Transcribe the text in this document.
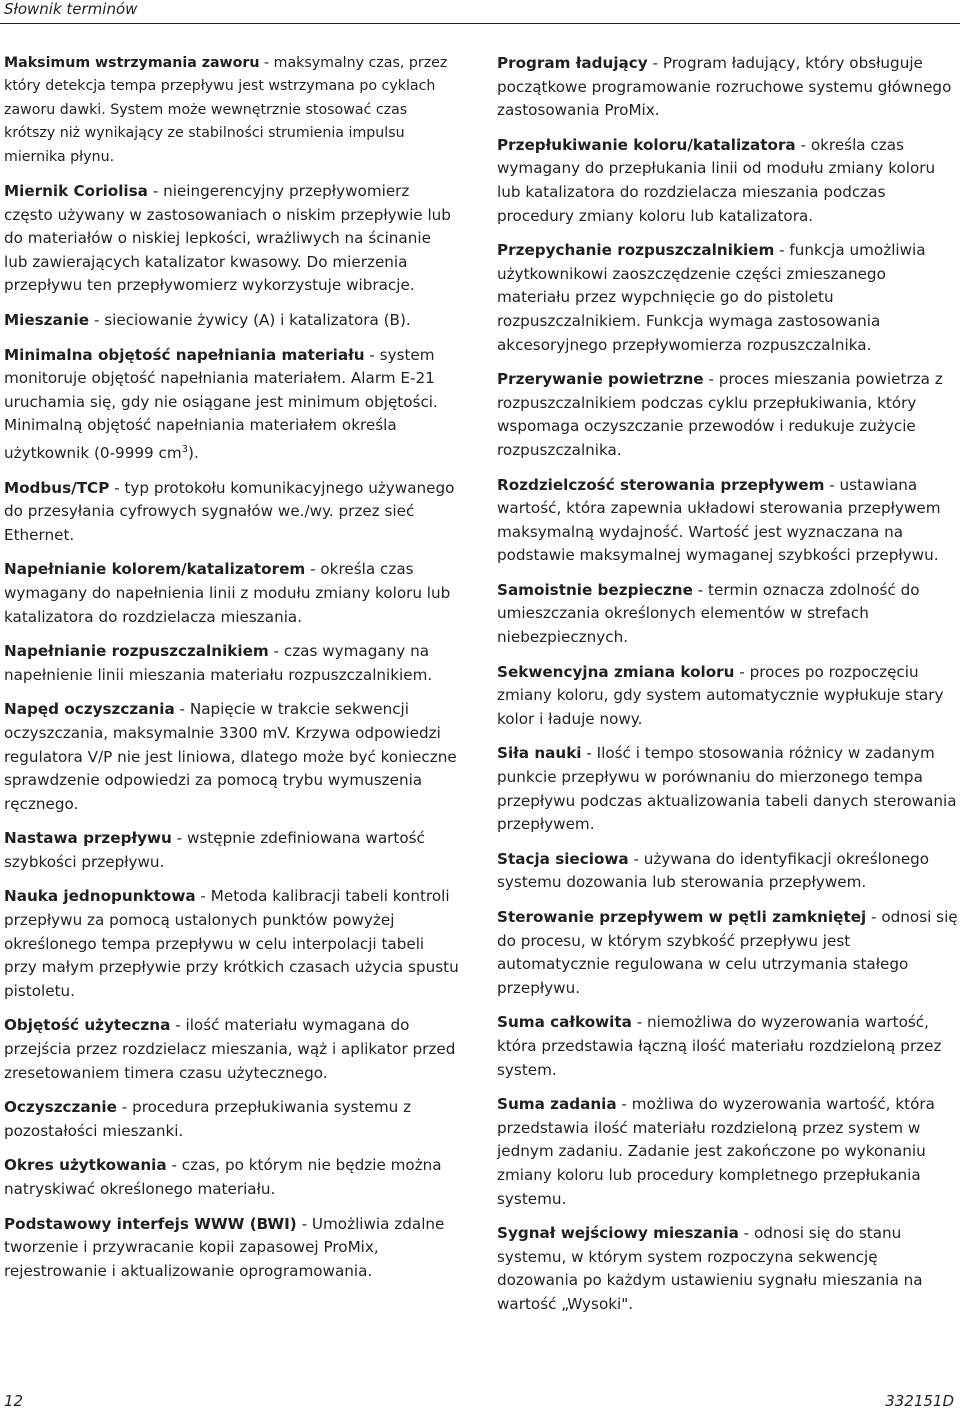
Słownik terminów

Maksimum wstrzymania zaworu - maksymalny czas, przez który detekcja tempa przepływu jest wstrzymana po cyklach zaworu dawki. System może wewnętrznie stosować czas krótszy niż wynikający ze stabilności strumienia impulsu miernika płynu.

Miernik Coriolisa - nieingerencyjny przepływomierz często używany w zastosowaniach o niskim przepływie lub do materiałów o niskiej lepkości, wrażliwych na ścinanie lub zawierających katalizator kwasowy. Do mierzenia przepływu ten przepływomierz wykorzystuje wibracje.

Mieszanie - sieciowanie żywicy (A) i katalizatora (B).

Minimalna objętość napełniania materiału - system monitoruje objętość napełniania materiałem. Alarm E-21 uruchamia się, gdy nie osiągane jest minimum objętości. Minimalną objętość napełniania materiałem określa użytkownik (0-9999 $cm^3$).

Modbus/TCP - typ protokołu komunikacyjnego używanego do przesyłania cyfrowych sygnałów we./wy. przez sieć Ethernet.

Napełnianie kolorem/katalizatorem - określa czas wymagany do napełnienia linii z modułu zmiany koloru lub katalizatora do rozdzielacza mieszania.

Napełnianie rozpuszczalnikiem - czas wymagany na napełnienie linii mieszania materiału rozpuszczalnikiem.

Napęd oczyszczania - Napięcie w trakcie sekwencji oczyszczania, maksymalnie 3300 mV. Krzywa odpowiedzi regulatora V/P nie jest liniowa, dlatego może być konieczne sprawdzenie odpowiedzi za pomocą trybu wymuszenia ręcznego.

Nastawa przepływu - wstępnie zdefiniowana wartość szybkości przepływu.

Nauka jednopunktowa - Metoda kalibracji tabeli kontroli przepływu za pomocą ustalonych punktów powyżej określonego tempa przepływu w celu interpolacji tabeli przy małym przepływie przy krótkich czasach użycia spustu pistoletu.

Objętość użyteczna - ilość materiału wymagana do przejścia przez rozdzielacz mieszania, wąż i aplikator przed zresetowaniem timera czasu użytecznego.

Oczyszczanie - procedura przepłukiwania systemu z pozostałości mieszanki.

Okres użytkowania - czas, po którym nie będzie można natryskiwać określonego materiału.

Podstawowy interfejs WWW (BWI) - Umożliwia zdalne tworzenie i przywracanie kopii zapasowej ProMix, rejestrowanie i aktualizowanie oprogramowania.

Program ładujący - Program ładujący, który obsługuje początkowe programowanie rozruchowe systemu głównego zastosowania ProMix.

Przepłukiwanie koloru/katalizatora - określa czas wymagany do przepłukania linii od modułu zmiany koloru lub katalizatora do rozdzielacza mieszania podczas procedury zmiany koloru lub katalizatora.

Przepychanie rozpuszczalnikiem - funkcja umożliwia użytkownikowi zaoszczędzenie części zmieszanego materiału przez wypchnięcie go do pistoletu rozpuszczalnikiem. Funkcja wymaga zastosowania akcesoryjnego przepływomierza rozpuszczalnika.

Przerywanie powietrzne - proces mieszania powietrza z rozpuszczalnikiem podczas cyklu przepłukiwania, który wspomaga oczyszczanie przewodów i redukuje zużycie rozpuszczalnika.

Rozdzielczość sterowania przepływem - ustawiana wartość, która zapewnia układowi sterowania przepływem maksymalną wydajność. Wartość jest wyznaczana na podstawie maksymalnej wymaganej szybkości przepływu.

Samoistnie bezpieczne - termin oznacza zdolność do umieszczania określonych elementów w strefach niebezpiecznych.

Sekwencyjna zmiana koloru - proces po rozpoczęciu zmiany koloru, gdy system automatycznie wypłukuje stary kolor i ładuje nowy.

Siła nauki - Ilość i tempo stosowania różnicy w zadanym punkcie przepływu w porównaniu do mierzonego tempa przepływu podczas aktualizowania tabeli danych sterowania przepływem.

Stacja sieciowa - używana do identyfikacji określonego systemu dozowania lub sterowania przepływem.

Sterowanie przepływem w pętli zamkniętej - odnosi się do procesu, w którym szybkość przepływu jest automatycznie regulowana w celu utrzymania stałego przepływu.

Suma całkowita - niemożliwa do wyzerowania wartość, która przedstawia łączną ilość materiału rozdzieloną przez system.

Suma zadania - możliwa do wyzerowania wartość, która przedstawia ilość materiału rozdzieloną przez system w jednym zadaniu. Zadanie jest zakończone po wykonaniu zmiany koloru lub procedury kompletnego przepłukania systemu.

Sygnał wejściowy mieszania - odnosi się do stanu systemu, w którym system rozpoczyna sekwencję dozowania po każdym ustawieniu sygnału mieszania na wartość „Wysoki".

12	332151D
